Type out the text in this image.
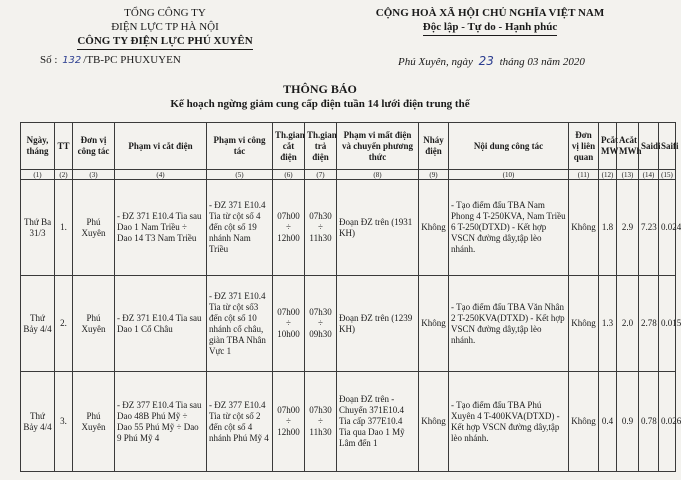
TỔNG CÔNG TY
ĐIỆN LỰC TP HÀ NỘI
CÔNG TY ĐIỆN LỰC PHÚ XUYÊN
CỘNG HOÀ XÃ HỘI CHỦ NGHĨA VIỆT NAM
Độc lập - Tự do - Hạnh phúc
Số : 132 /TB-PC PHUXUYEN	Phú Xuyên, ngày 23 tháng 03 năm 2020
THÔNG BÁO
Kế hoạch ngừng giảm cung cấp điện tuần 14 lưới điện trung thế
Ngày, tháng	TT	Đơn vị công tác	Phạm vi cắt điện	Phạm vi công tác	Th.gian cắt điện	Th.gian trả điện	Phạm vi mất điện và chuyển phương thức	Nháy điện	Nội dung công tác	Đơn vị liên quan	Pcắt MW	Acắt MWh	Saidi	Saifi
(1)	(2)	(3)	(4)	(5)	(6)	(7)	(8)	(9)	(10)	(11)	(12)	(13)	(14)	(15)
Thứ Ba 31/3	1.	Phú Xuyên	- ĐZ 371 E10.4 Tia sau Dao 1 Nam Triều ÷ Dao 14 T3 Nam Triều	- ĐZ 371 E10.4 Tia từ cột số 4 đến cột số 19 nhánh Nam Triều	07h00 ÷ 12h00	07h30 ÷ 11h30	Đoạn ĐZ trên (1931 KH)	Không	- Tạo điểm đấu TBA Nam Phong 4 T-250KVA, Nam Triều 6 T-250(DTXD) - Kết hợp VSCN đường dây,tập lèo nhánh.	Không	1.8	2.9	7.23	0.024
Thứ Bảy 4/4	2.	Phú Xuyên	- ĐZ 371 E10.4 Tia sau Dao 1 Cổ Châu	- ĐZ 371 E10.4 Tia từ cột số3 đến cột số 10 nhánh cổ châu, giàn TBA Nhân Vực 1	07h00 ÷ 10h00	07h30 ÷ 09h30	Đoạn ĐZ trên (1239 KH)	Không	- Tạo điểm đấu TBA Văn Nhân 2 T-250KVA(DTXD) - Kết hợp VSCN đường dây,tập lèo nhánh.	Không	1.3	2.0	2.78	0.015
Thứ Bảy 4/4	3.	Phú Xuyên	- ĐZ 377 E10.4 Tia sau Dao 48B Phú Mỹ ÷ Dao 55 Phú Mỹ ÷ Dao 9 Phú Mỹ 4	- ĐZ 377 E10.4 Tia từ cột số 2 đến cột số 4 nhánh Phú Mỹ 4	07h00 ÷ 12h00	07h30 ÷ 11h30	Đoạn ĐZ trên - Chuyển 371E10.4 Tia cấp 377E10.4 Tia qua Dao 1 Mỹ Lâm đến 1	Không	- Tạo điểm đấu TBA Phú Xuyên 4 T-400KVA(DTXD) - Kết hợp VSCN đường dây,tập lèo nhánh.	Không	0.4	0.9	0.78	0.026
